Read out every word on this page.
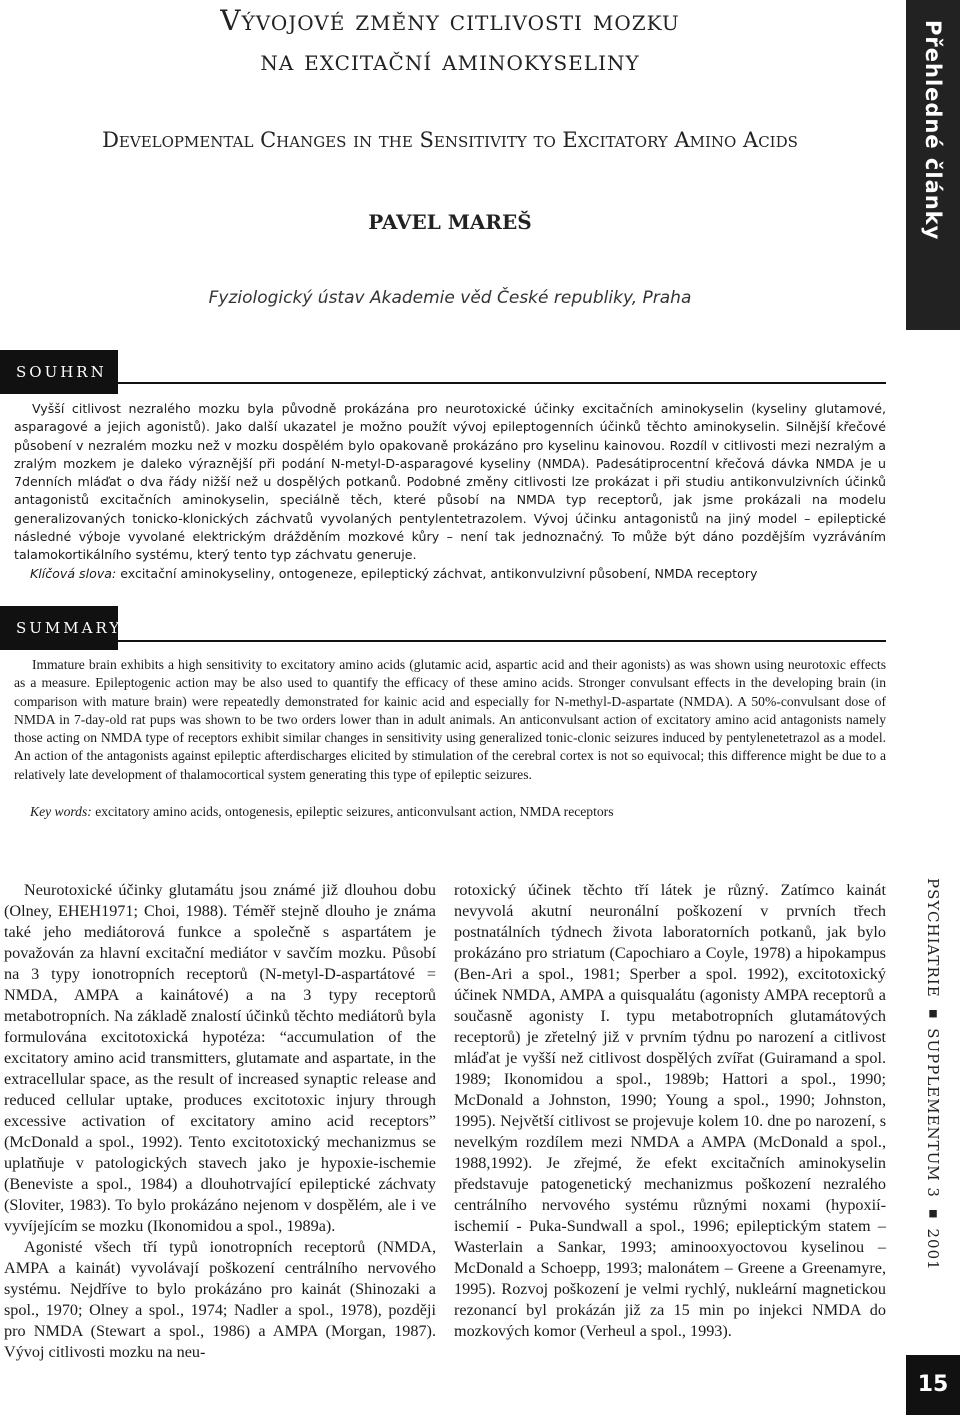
Vývojové změny citlivosti mozku
na excitační aminokyseliny
Developmental Changes in the Sensitivity to Excitatory Amino Acids
PAVEL MAREŠ
Fyziologický ústav Akademie věd České republiky, Praha
Přehledné články
SOUHRN

Vyšší citlivost nezralého mozku byla původně prokázána pro neurotoxické účinky excitačních aminokyselin (kyseliny glutamové, asparagové a jejich agonistů). Jako další ukazatel je možno použít vývoj epileptogenních účinků těchto aminokyselin. Silnější křečové působení v nezralém mozku než v mozku dospělém bylo opakovaně prokázáno pro kyselinu kainovou. Rozdíl v citlivosti mezi nezralým a zralým mozkem je daleko výraznější při podání N-metyl-D-asparagové kyseliny (NMDA). Padesátiprocentní křečová dávka NMDA je u 7denních mláďat o dva řády nižší než u dospělých potkanů. Podobné změny citlivosti lze prokázat i při studiu antikonvulzivních účinků antagonistů excitačních aminokyselin, speciálně těch, které působí na NMDA typ receptorů, jak jsme prokázali na modelu generalizovaných tonicko-klonických záchvatů vyvolaných pentylentetrazolem. Vývoj účinku antagonistů na jiný model – epileptické následné výboje vyvolané elektrickým drážděním mozkové kůry – není tak jednoznačný. To může být dáno pozdějším vyzráváním talamokortikálního systému, který tento typ záchvatu generuje.

Klíčová slova: excitační aminokyseliny, ontogeneze, epileptický záchvat, antikonvulzivní působení, NMDA receptory

SUMMARY

Immature brain exhibits a high sensitivity to excitatory amino acids (glutamic acid, aspartic acid and their agonists) as was shown using neurotoxic effects as a measure. Epileptogenic action may be also used to quantify the efficacy of these amino acids. Stronger convulsant effects in the developing brain (in comparison with mature brain) were repeatedly demonstrated for kainic acid and especially for N-methyl-D-aspartate (NMDA). A 50%-convulsant dose of NMDA in 7-day-old rat pups was shown to be two orders lower than in adult animals. An anticonvulsant action of excitatory amino acid antagonists namely those acting on NMDA type of receptors exhibit similar changes in sensitivity using generalized tonic-clonic seizures induced by pentylenetetrazol as a model. An action of the antagonists against epileptic afterdischarges elicited by stimulation of the cerebral cortex is not so equivocal; this difference might be due to a relatively late development of thalamocortical system generating this type of epileptic seizures.

Key words: excitatory amino acids, ontogenesis, epileptic seizures, anticonvulsant action, NMDA receptors

Neurotoxické účinky glutamátu jsou známé již dlouhou dobu (Olney, EHEH1971; Choi, 1988). Téměř stejně dlouho je známa také jeho mediátorová funkce a společně s aspartátem je považován za hlavní excitační mediátor v savčím mozku. Působí na 3 typy ionotropních receptorů (N-metyl-D-aspartátové = NMDA, AMPA a kainátové) a na 3 typy receptorů metabotropních. Na základě znalostí účinků těchto mediátorů byla formulována excitotoxická hypotéza: “accumulation of the excitatory amino acid transmitters, glutamate and aspartate, in the extracellular space, as the result of increased synaptic release and reduced cellular uptake, produces excitotoxic injury through excessive activation of excitatory amino acid receptors” (McDonald a spol., 1992). Tento excitotoxický mechanizmus se uplatňuje v patologických stavech jako je hypoxie-ischemie (Beneviste a spol., 1984) a dlouhotrvající epileptické záchvaty (Sloviter, 1983). To bylo prokázáno nejenom v dospělém, ale i ve vyvíjejícím se mozku (Ikonomidou a spol., 1989a).

Agonisté všech tří typů ionotropních receptorů (NMDA, AMPA a kainát) vyvolávají poškození centrálního nervového systému. Nejdříve to bylo prokázáno pro kainát (Shinozaki a spol., 1970; Olney a spol., 1974; Nadler a spol., 1978), později pro NMDA (Stewart a spol., 1986) a AMPA (Morgan, 1987). Vývoj citlivosti mozku na neu-

rotoxický účinek těchto tří látek je různý. Zatímco kainát nevyvolá akutní neuronální poškození v prvních třech postnatálních týdnech života laboratorních potkanů, jak bylo prokázáno pro striatum (Capochiaro a Coyle, 1978) a hipokampus (Ben-Ari a spol., 1981; Sperber a spol. 1992), excitotoxický účinek NMDA, AMPA a quisqualátu (agonisty AMPA receptorů a současně agonisty I. typu metabotropních glutamátových receptorů) je zřetelný již v prvním týdnu po narození a citlivost mláďat je vyšší než citlivost dospělých zvířat (Guiramand a spol. 1989; Ikonomidou a spol., 1989b; Hattori a spol., 1990; McDonald a Johnston, 1990; Young a spol., 1990; Johnston, 1995). Největší citlivost se projevuje kolem 10. dne po narození, s nevelkým rozdílem mezi NMDA a AMPA (McDonald a spol., 1988,1992). Je zřejmé, že efekt excitačních aminokyselin představuje patogenetický mechanizmus poškození nezralého centrálního nervového systému různými noxami (hypoxií-ischemií - Puka-Sundwall a spol., 1996; epileptickým statem – Wasterlain a Sankar, 1993; aminooxyoctovou kyselinou – McDonald a Schoepp, 1993; malonátem – Greene a Greenamyre, 1995). Rozvoj poškození je velmi rychlý, nukleární magnetickou rezonancí byl prokázán již za 15 min po injekci NMDA do mozkových komor (Verheul a spol., 1993).

PSYCHIATRIE ▪ SUPPLEMENTUM 3 ▪ 2001
15
